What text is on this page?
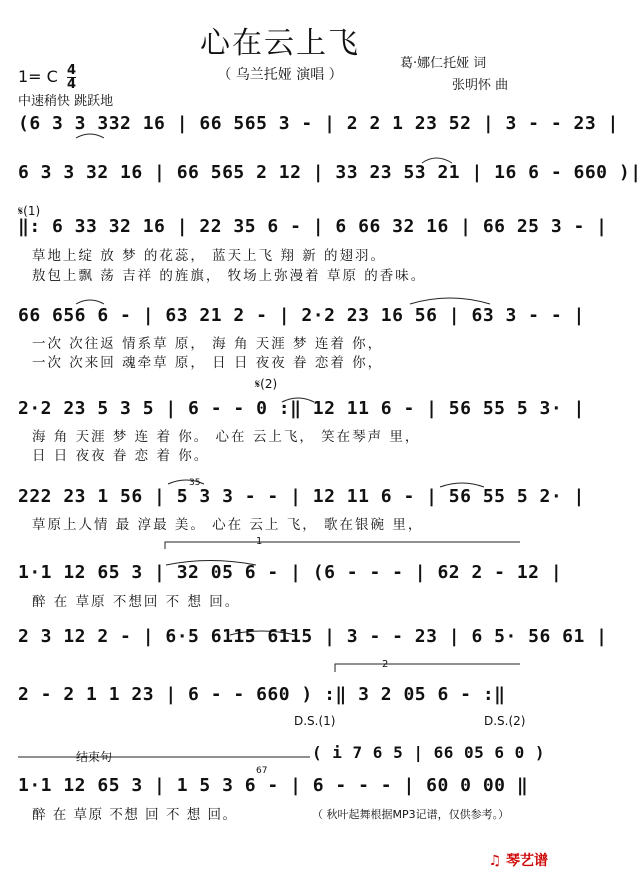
心在云上飞
（ 乌兰托娅 演唱 ）
葛·娜仁托娅 词
张明怀 曲
1= C $\frac{4}{4}$
中速稍快 跳跃地
(6 3 3 332 16 | 66 565 3 - | 2 2 1 23 52 | 3 - - 23 |
6 3 3 32 16 | 66 565 2 12 | 33 23 53 21 | 16 6 - 660 )|
𝄋(1)
‖: 6 33 32 16 | 22 35 6 - | 6 66 32 16 | 66 25 3 - |
草地上绽 放 梦 的花蕊， 蓝天上飞 翔 新 的翅羽。
敖包上飘 荡 吉祥 的旌旗， 牧场上弥漫着 草原 的香味。
66 656 6 - | 63 21 2 - | 2·2 23 16 56 | 63 3 - - |
一次 次往返 情系草 原， 海 角 天涯 梦 连着 你，
一次 次来回 魂牵草 原， 日 日 夜夜 眷 恋着 你，
𝄋(2)
2·2 23 5 3 5 | 6 - - 0 :‖ 12 11 6 - | 56 55 5 3· |
海 角 天涯 梦 连 着 你。 心在 云上飞， 笑在琴声 里，
日 日 夜夜 眷 恋 着 你。
35
222 23 1 56 | 5 3 3 - - | 12 11 6 - | 56 55 5 2· |
草原上人情 最 淳最 美。 心在 云上 飞， 歌在银碗 里，
1
1·1 12 65 3 | 32 05 6 - | (6 - - - | 62 2 - 12 |
醉 在 草原 不想回 不 想 回。
2 3 12 2 - | 6·5 6115 6115 | 3 - - 23 | 6 5· 56 61 |
2
2 - 2 1 1 23 | 6 - - 660 ) :‖ 3 2 05 6 - :‖
D.S.(1)	D.S.(2)
结束句	( i 7 6 5 | 66 05 6 0 )
67
1·1 12 65 3 | 1 5 3 6 - | 6 - - - | 60 0 00 ‖
醉 在 草原 不想 回 不 想 回。	（ 秋叶起舞根据MP3记谱，仅供参考。）
♫ 琴艺谱
